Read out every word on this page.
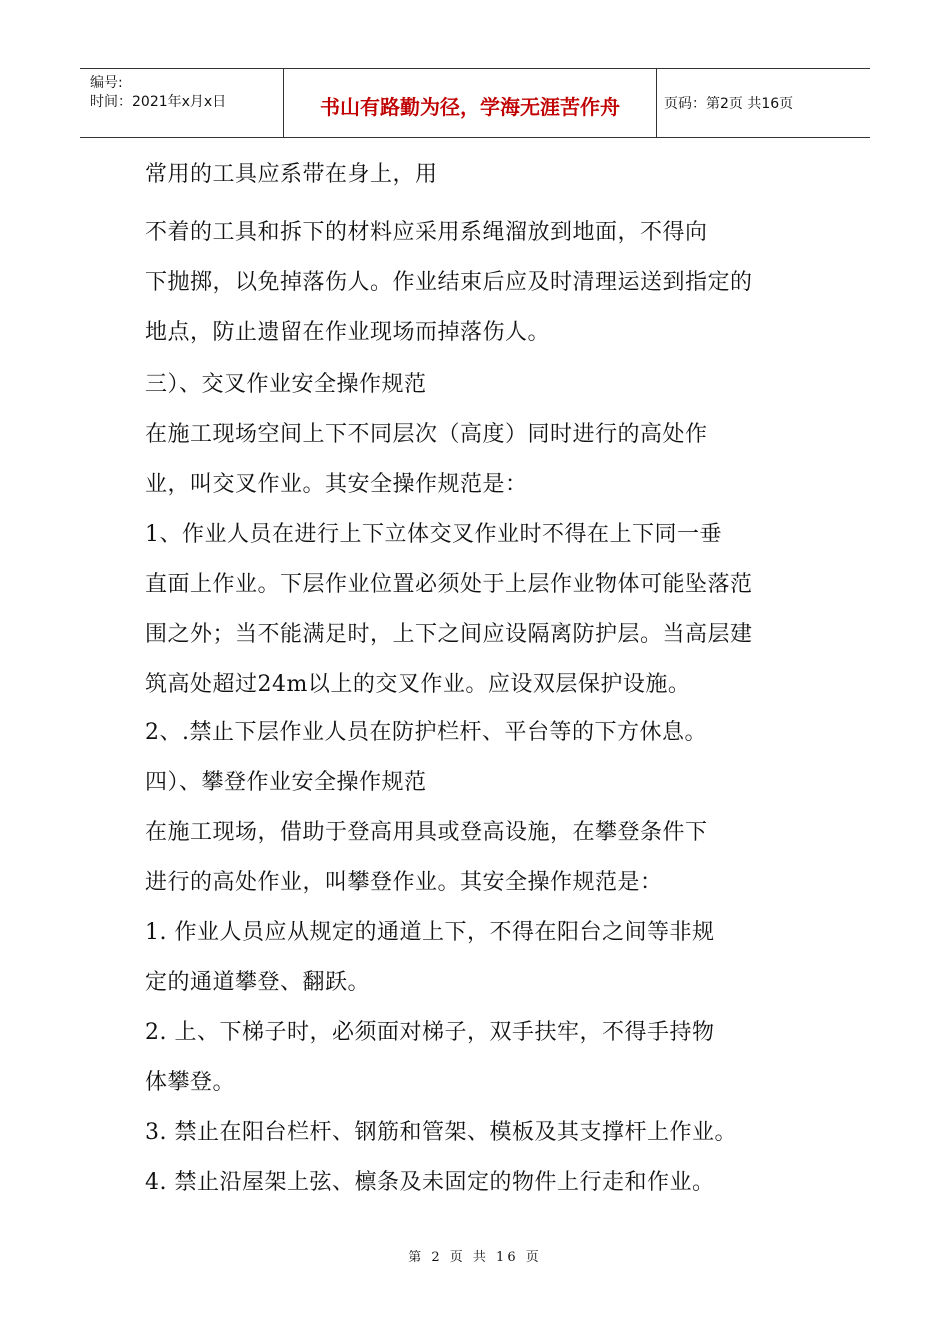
编号:
时间：2021年x月x日	书山有路勤为径，学海无涯苦作舟	页码：第2页 共16页
常用的工具应系带在身上，用
不着的工具和拆下的材料应采用系绳溜放到地面，不得向
下抛掷，以免掉落伤人。作业结束后应及时清理运送到指定的
地点，防止遗留在作业现场而掉落伤人。
三）、交叉作业安全操作规范
在施工现场空间上下不同层次（高度）同时进行的高处作
业，叫交叉作业。其安全操作规范是：
1、作业人员在进行上下立体交叉作业时不得在上下同一垂
直面上作业。下层作业位置必须处于上层作业物体可能坠落范
围之外；当不能满足时，上下之间应设隔离防护层。当高层建
筑高处超过24m以上的交叉作业。应设双层保护设施。
2、.禁止下层作业人员在防护栏杆、平台等的下方休息。
四）、攀登作业安全操作规范
在施工现场，借助于登高用具或登高设施，在攀登条件下
进行的高处作业，叫攀登作业。其安全操作规范是：
1. 作业人员应从规定的通道上下，不得在阳台之间等非规
定的通道攀登、翻跃。
2. 上、下梯子时，必须面对梯子，双手扶牢，不得手持物
体攀登。
3. 禁止在阳台栏杆、钢筋和管架、模板及其支撑杆上作业。
4. 禁止沿屋架上弦、檩条及未固定的物件上行走和作业。
第 2 页 共 16 页
